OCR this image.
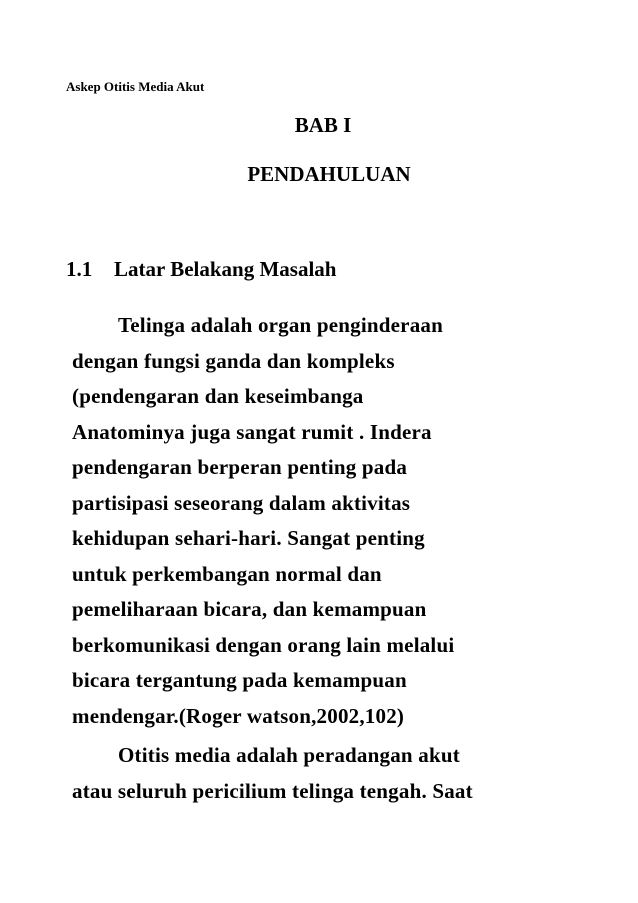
Askep Otitis Media Akut
BAB I
PENDAHULUAN
1.1 Latar Belakang Masalah
Telinga adalah organ penginderaan
dengan fungsi ganda dan kompleks
(pendengaran dan keseimbanga
Anatominya juga sangat rumit . Indera
pendengaran berperan penting pada
partisipasi seseorang dalam aktivitas
kehidupan sehari-hari. Sangat penting
untuk perkembangan normal dan
pemeliharaan bicara, dan kemampuan
berkomunikasi dengan orang lain melalui
bicara tergantung pada kemampuan
mendengar.(Roger watson,2002,102)
Otitis media adalah peradangan akut
atau seluruh pericilium telinga tengah. Saat
